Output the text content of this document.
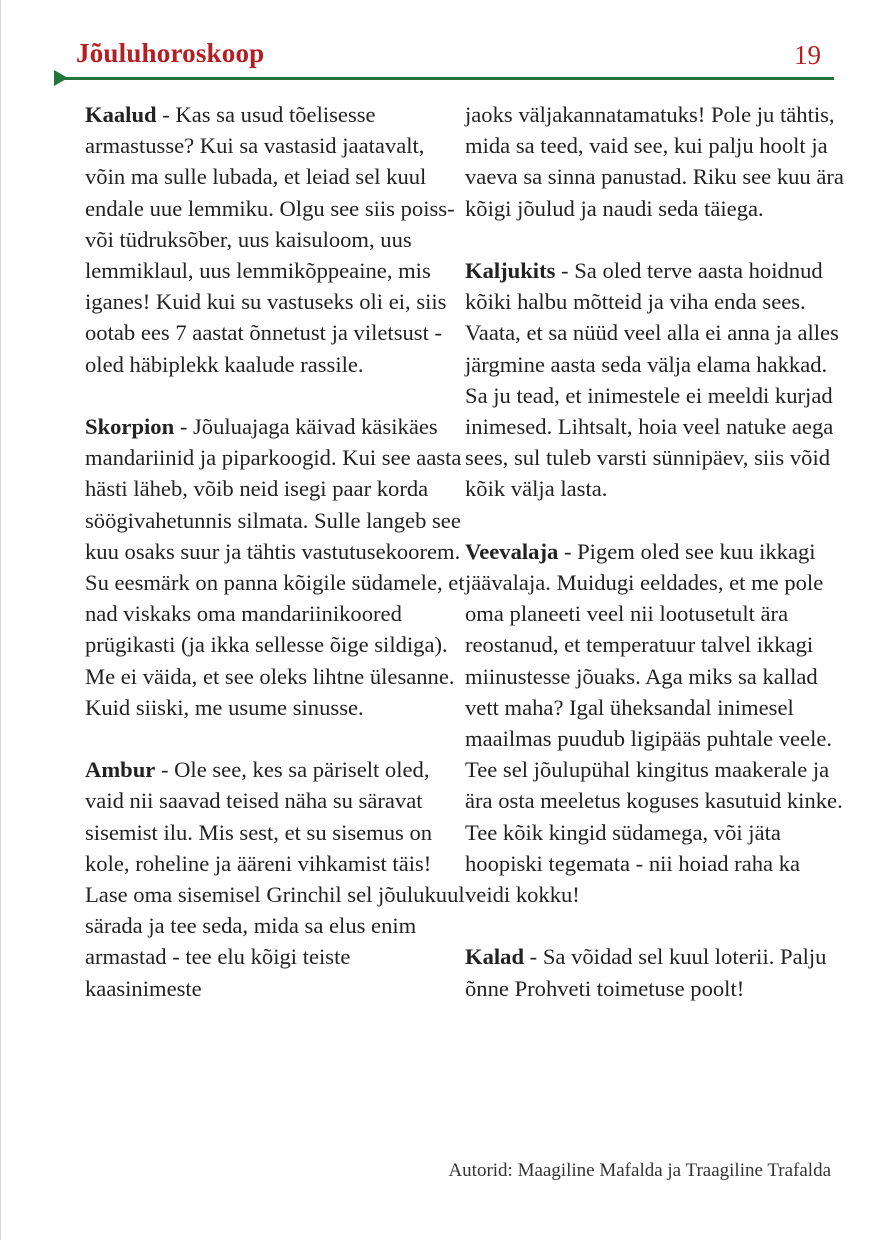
Jõuluhoroskoop	19

Kaalud - Kas sa usud tõelisesse armastusse? Kui sa vastasid jaatavalt, võin ma sulle lubada, et leiad sel kuul endale uue lemmiku. Olgu see siis poiss- või tüdruksõber, uus kaisuloom, uus lemmiklaul, uus lemmikõppeaine, mis iganes! Kuid kui su vastuseks oli ei, siis ootab ees 7 aastat õnnetust ja viletsust - oled häbiplekk kaalude rassile.

Skorpion - Jõuluajaga käivad käsikäes mandariinid ja piparkoogid. Kui see aasta hästi läheb, võib neid isegi paar korda söögivahetunnis silmata. Sulle langeb see kuu osaks suur ja tähtis vastutusekoorem. Su eesmärk on panna kõigile südamele, et nad viskaks oma mandariinikoored prügikasti (ja ikka sellesse õige sildiga). Me ei väida, et see oleks lihtne ülesanne. Kuid siiski, me usume sinusse.

Ambur - Ole see, kes sa päriselt oled, vaid nii saavad teised näha su säravat sisemist ilu. Mis sest, et su sisemus on kole, roheline ja ääreni vihkamist täis! Lase oma sisemisel Grinchil sel jõulukuul särada ja tee seda, mida sa elus enim armastad - tee elu kõigi teiste kaasinimeste

jaoks väljakannatamatuks! Pole ju tähtis, mida sa teed, vaid see, kui palju hoolt ja vaeva sa sinna panustad. Riku see kuu ära kõigi jõulud ja naudi seda täiega.

Kaljukits - Sa oled terve aasta hoidnud kõiki halbu mõtteid ja viha enda sees. Vaata, et sa nüüd veel alla ei anna ja alles järgmine aasta seda välja elama hakkad. Sa ju tead, et inimestele ei meeldi kurjad inimesed. Lihtsalt, hoia veel natuke aega sees, sul tuleb varsti sünnipäev, siis võid kõik välja lasta.

Veevalaja - Pigem oled see kuu ikkagi jäävalaja. Muidugi eeldades, et me pole oma planeeti veel nii lootusetult ära reostanud, et temperatuur talvel ikkagi miinustesse jõuaks. Aga miks sa kallad vett maha? Igal üheksandal inimesel maailmas puudub ligipääs puhtale veele. Tee sel jõulupühal kingitus maakerale ja ära osta meeletus koguses kasutuid kinke. Tee kõik kingid südamega, või jäta hoopiski tegemata - nii hoiad raha ka veidi kokku!

Kalad - Sa võidad sel kuul loterii. Palju õnne Prohveti toimetuse poolt!

Autorid: Maagiline Mafalda ja Traagiline Trafalda
